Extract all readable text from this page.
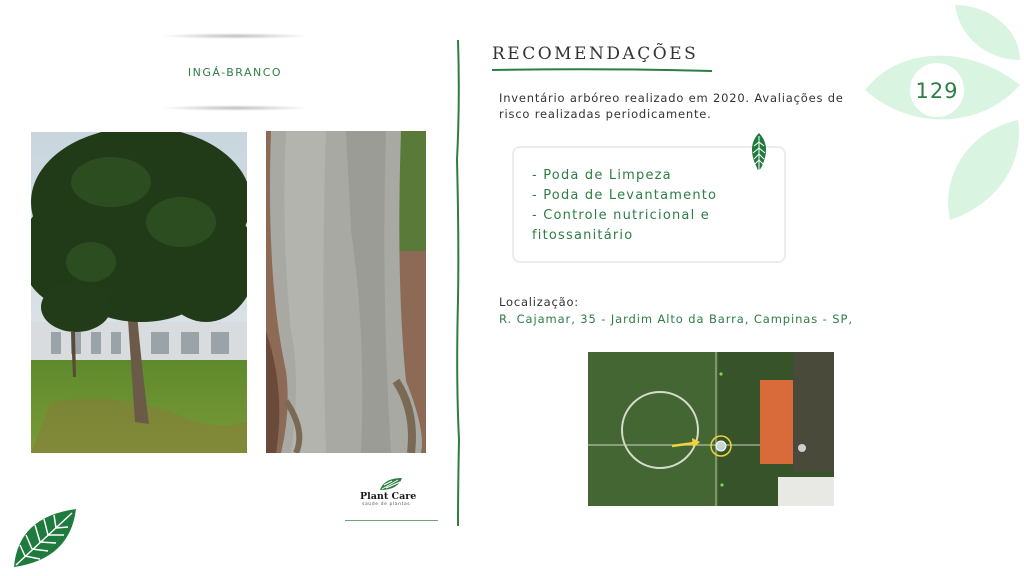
129
INGÁ-BRANCO
Plant Care
saúde de plantas
RECOMENDAÇÕES
Inventário arbóreo realizado em 2020. Avaliações de risco realizadas periodicamente.
- Poda de Limpeza
- Poda de Levantamento
- Controle nutricional e fitossanitário
Localização:
R. Cajamar, 35 - Jardim Alto da Barra, Campinas - SP,
